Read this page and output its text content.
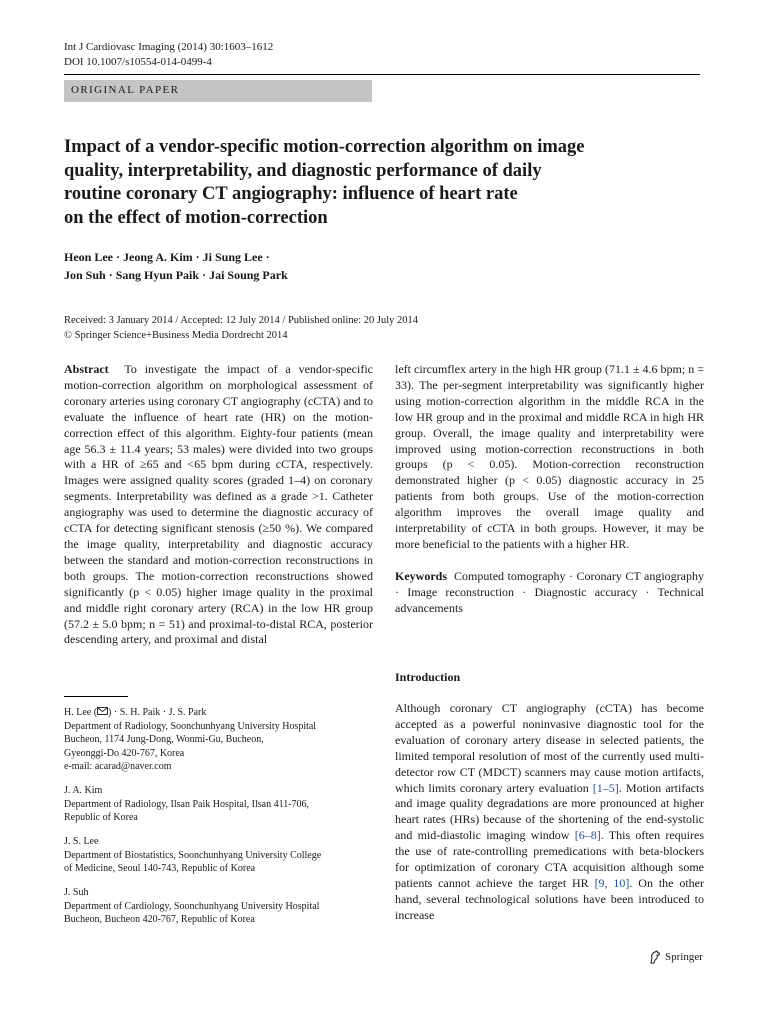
Int J Cardiovasc Imaging (2014) 30:1603–1612
DOI 10.1007/s10554-014-0499-4
ORIGINAL PAPER
Impact of a vendor-specific motion-correction algorithm on image
quality, interpretability, and diagnostic performance of daily
routine coronary CT angiography: influence of heart rate
on the effect of motion-correction
Heon Lee · Jeong A. Kim · Ji Sung Lee ·
Jon Suh · Sang Hyun Paik · Jai Soung Park
Received: 3 January 2014 / Accepted: 12 July 2014 / Published online: 20 July 2014
© Springer Science+Business Media Dordrecht 2014

Abstract To investigate the impact of a vendor-specific motion-correction algorithm on morphological assessment of coronary arteries using coronary CT angiography (cCTA) and to evaluate the influence of heart rate (HR) on the motion-correction effect of this algorithm. Eighty-four patients (mean age 56.3 ± 11.4 years; 53 males) were divided into two groups with a HR of ≥65 and <65 bpm during cCTA, respectively. Images were assigned quality scores (graded 1–4) on coronary segments. Interpretability was defined as a grade >1. Catheter angiography was used to determine the diagnostic accuracy of cCTA for detecting significant stenosis (≥50 %). We compared the image quality, interpretability and diagnostic accuracy between the standard and motion-correction reconstructions in both groups. The motion-correction reconstructions showed significantly (p < 0.05) higher image quality in the proximal and middle right coronary artery (RCA) in the low HR group (57.2 ± 5.0 bpm; n = 51) and proximal-to-distal RCA, posterior descending artery, and proximal and distal

left circumflex artery in the high HR group (71.1 ± 4.6 bpm; n = 33). The per-segment interpretability was significantly higher using motion-correction algorithm in the middle RCA in the low HR group and in the proximal and middle RCA in high HR group. Overall, the image quality and interpretability were improved using motion-correction reconstructions in both groups (p < 0.05). Motion-correction reconstruction demonstrated higher (p < 0.05) diagnostic accuracy in 25 patients from both groups. Use of the motion-correction algorithm improves the overall image quality and interpretability of cCTA in both groups. However, it may be more beneficial to the patients with a higher HR.

Keywords Computed tomography · Coronary CT angiography · Image reconstruction · Diagnostic accuracy · Technical advancements

Introduction

Although coronary CT angiography (cCTA) has become accepted as a powerful noninvasive diagnostic tool for the evaluation of coronary artery disease in selected patients, the limited temporal resolution of most of the currently used multi-detector row CT (MDCT) scanners may cause motion artifacts, which limits coronary artery evaluation [1–5]. Motion artifacts and image quality degradations are more pronounced at higher heart rates (HRs) because of the shortening of the end-systolic and mid-diastolic imaging window [6–8]. This often requires the use of rate-controlling premedications with beta-blockers for optimization of coronary CTA acquisition although some patients cannot achieve the target HR [9, 10]. On the other hand, several technological solutions have been introduced to increase

H. Lee ( ) · S. H. Paik · J. S. Park

Department of Radiology, Soonchunhyang University Hospital

Bucheon, 1174 Jung-Dong, Wonmi-Gu, Bucheon,

Gyeonggi-Do 420-767, Korea

e-mail: acarad@naver.com

J. A. Kim

Department of Radiology, Ilsan Paik Hospital, Ilsan 411-706,

Republic of Korea

J. S. Lee

Department of Biostatistics, Soonchunhyang University College

of Medicine, Seoul 140-743, Republic of Korea

J. Suh

Department of Cardiology, Soonchunhyang University Hospital

Bucheon, Bucheon 420-767, Republic of Korea

Springer
